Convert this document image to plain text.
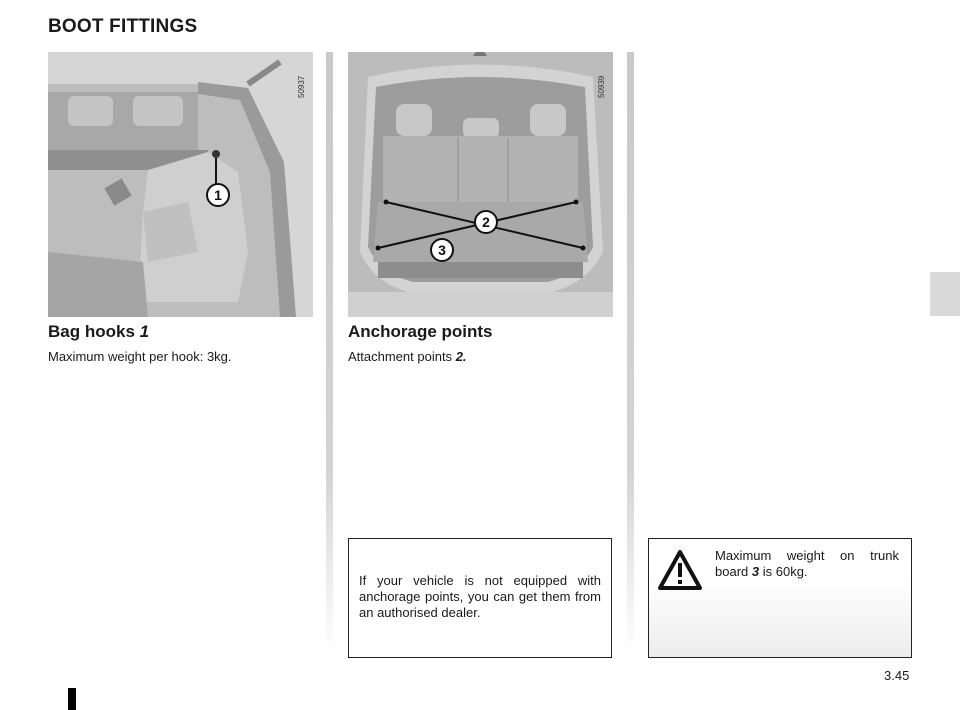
BOOT FITTINGS
50937
1
50939
2
3
Bag hooks 1
Maximum weight per hook: 3kg.
Anchorage points
Attachment points 2.
If your vehicle is not equipped with anchorage points, you can get them from an authorised dealer.
Maximum weight on trunk board 3 is 60kg.
3.45
